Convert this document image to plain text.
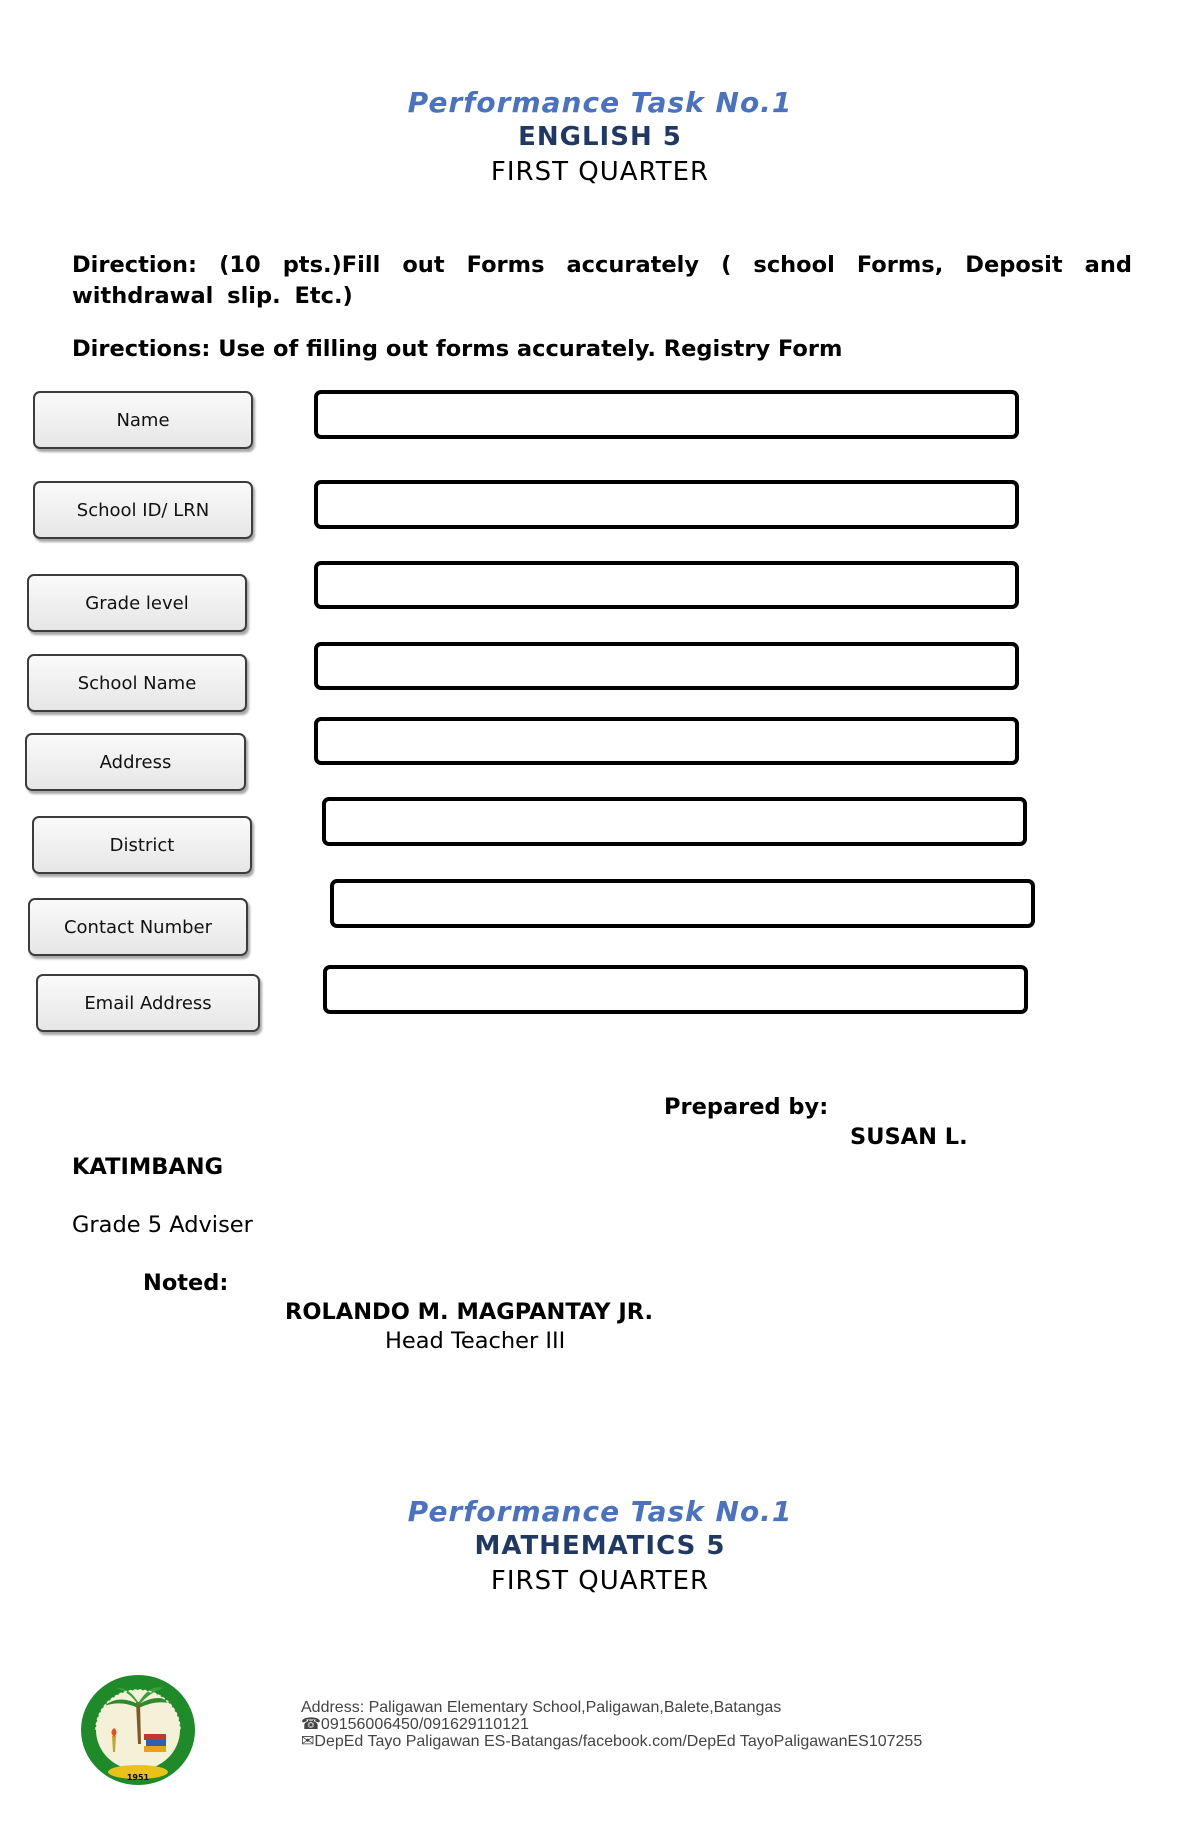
Performance Task No.1
ENGLISH 5
FIRST QUARTER
Direction: (10 pts.)Fill out Forms accurately ( school Forms, Deposit and withdrawal slip. Etc.)
Directions: Use of filling out forms accurately. Registry Form
Name
School ID/ LRN
Grade level
School Name
Address
District
Contact Number
Email Address
Prepared by:
SUSAN L.
KATIMBANG
Grade 5 Adviser
Noted:
ROLANDO M. MAGPANTAY JR.
Head Teacher III
Performance Task No.1
MATHEMATICS 5
FIRST QUARTER
1951
Address: Paligawan Elementary School,Paligawan,Balete,Batangas
☎09156006450/091629110121
✉DepEd Tayo Paligawan ES-Batangas/facebook.com/DepEd TayoPaligawanES107255
